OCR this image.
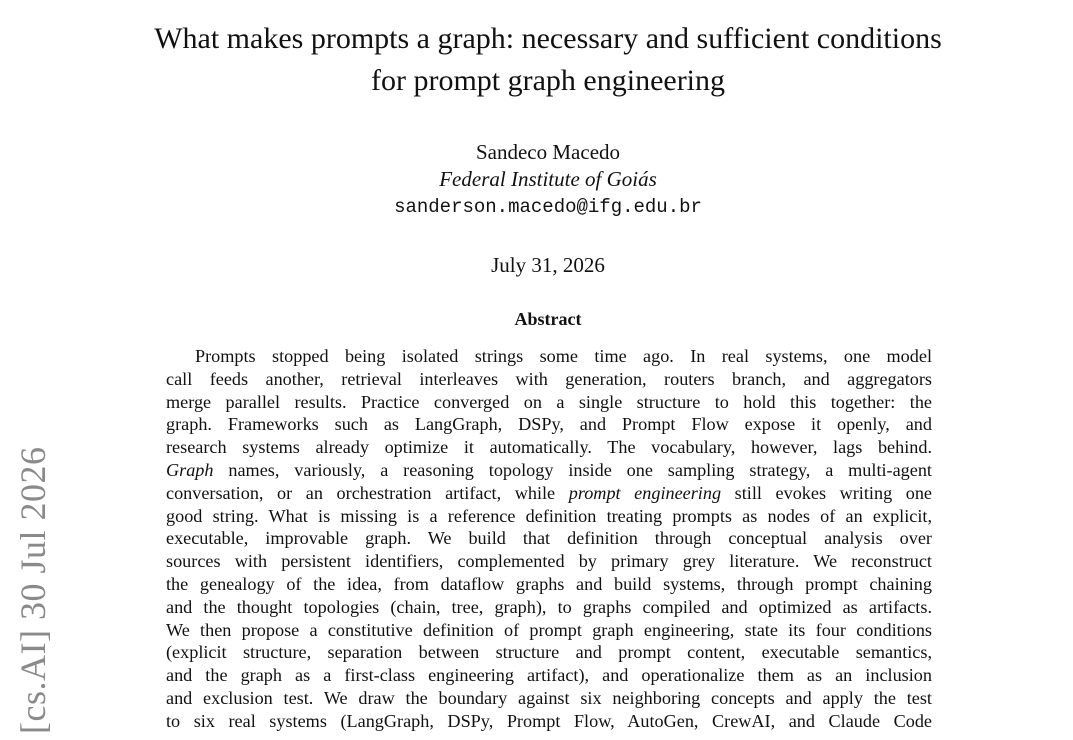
What makes prompts a graph: necessary and sufficient conditions
for prompt graph engineering
Sandeco Macedo
Federal Institute of Goiás
sanderson.macedo@ifg.edu.br
July 31, 2026
Abstract
Prompts stopped being isolated strings some time ago. In real systems, one model
call feeds another, retrieval interleaves with generation, routers branch, and aggregators
merge parallel results. Practice converged on a single structure to hold this together: the
graph. Frameworks such as LangGraph, DSPy, and Prompt Flow expose it openly, and
research systems already optimize it automatically. The vocabulary, however, lags behind.
Graph names, variously, a reasoning topology inside one sampling strategy, a multi-agent
conversation, or an orchestration artifact, while prompt engineering still evokes writing one
good string. What is missing is a reference definition treating prompts as nodes of an explicit,
executable, improvable graph. We build that definition through conceptual analysis over
sources with persistent identifiers, complemented by primary grey literature. We reconstruct
the genealogy of the idea, from dataflow graphs and build systems, through prompt chaining
and the thought topologies (chain, tree, graph), to graphs compiled and optimized as artifacts.
We then propose a constitutive definition of prompt graph engineering, state its four conditions
(explicit structure, separation between structure and prompt content, executable semantics,
and the graph as a first-class engineering artifact), and operationalize them as an inclusion
and exclusion test. We draw the boundary against six neighboring concepts and apply the test
to six real systems (LangGraph, DSPy, Prompt Flow, AutoGen, CrewAI, and Claude Code
[cs.AI] 30 Jul 2026
